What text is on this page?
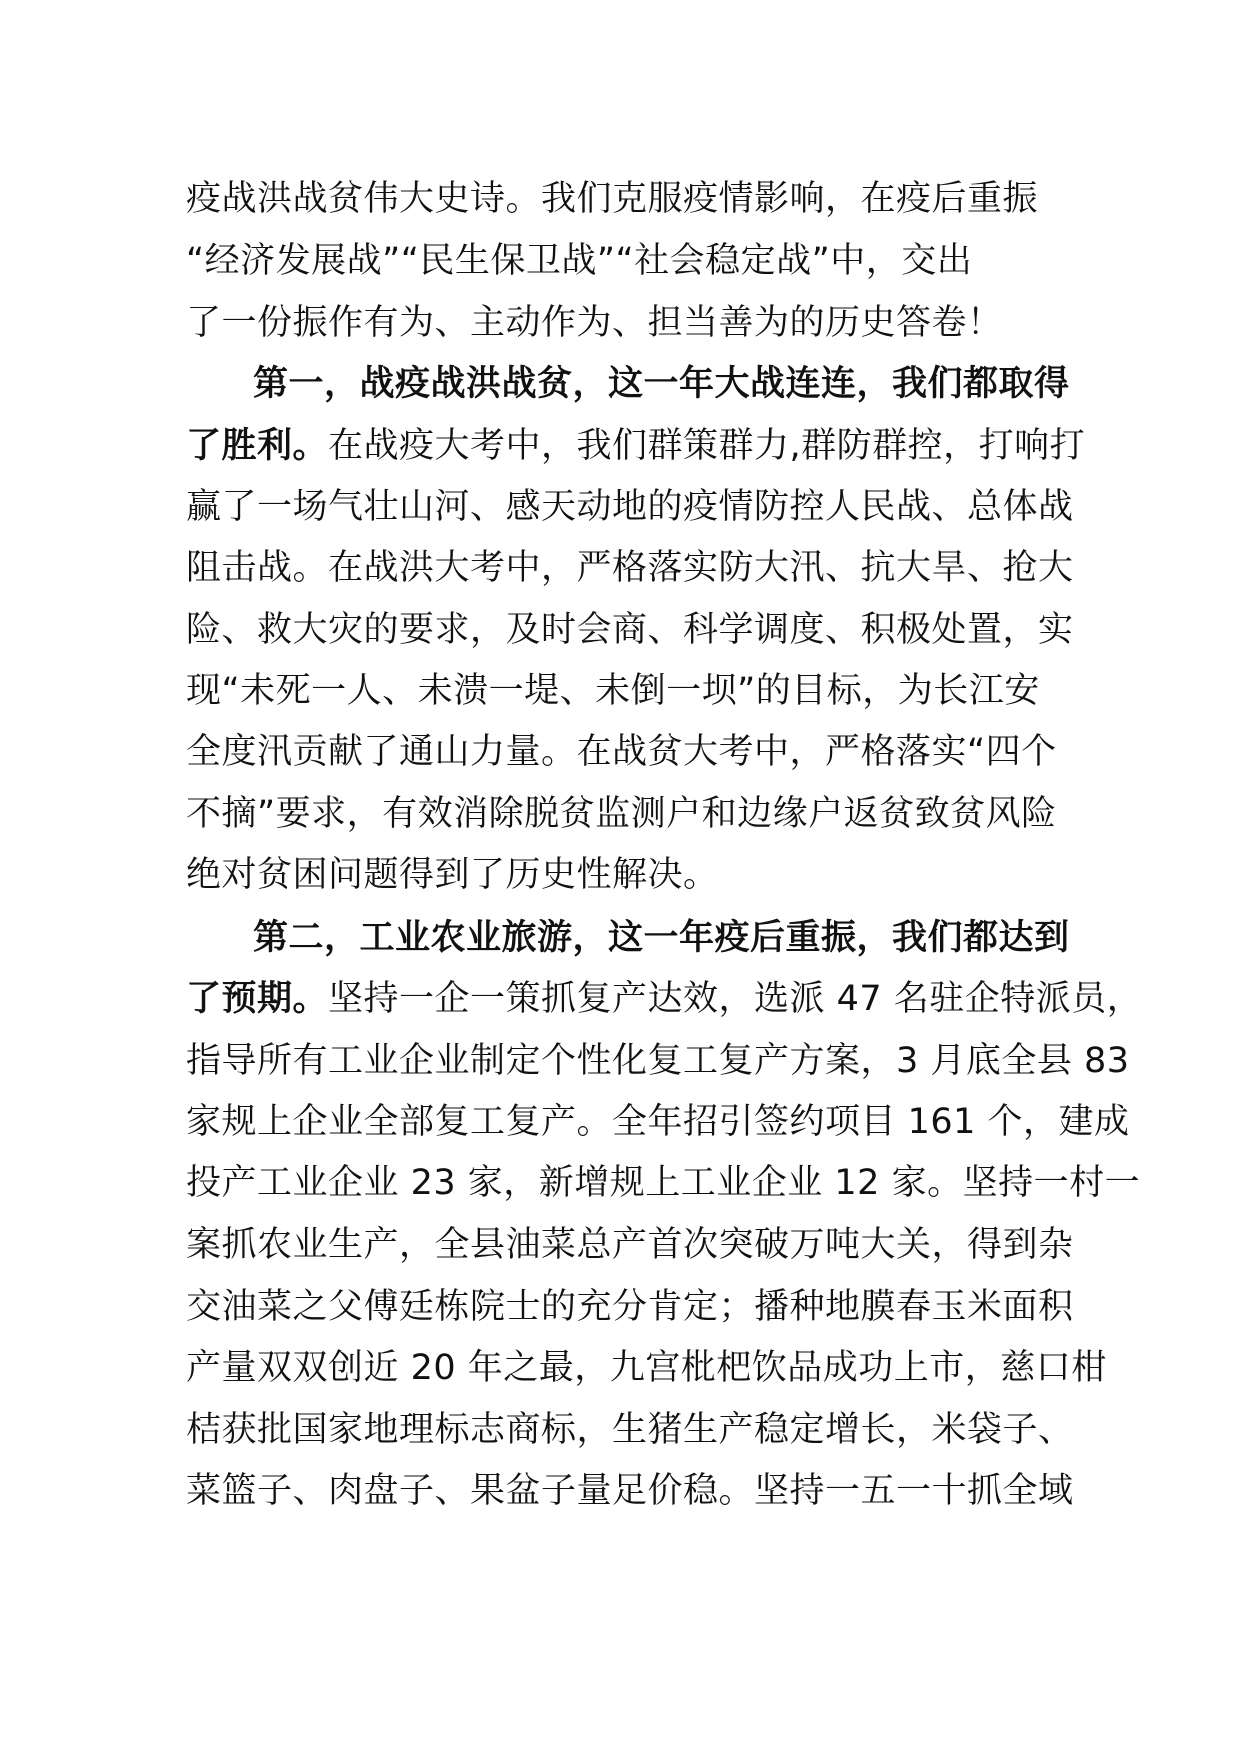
疫战洪战贫伟大史诗。我们克服疫情影响，在疫后重振
“经济发展战”“民生保卫战”“社会稳定战”中，交出
了一份振作有为、主动作为、担当善为的历史答卷！
第一，战疫战洪战贫，这一年大战连连，我们都取得
了胜利。在战疫大考中，我们群策群力,群防群控，打响打
赢了一场气壮山河、感天动地的疫情防控人民战、总体战
阻击战。在战洪大考中，严格落实防大汛、抗大旱、抢大
险、救大灾的要求，及时会商、科学调度、积极处置，实
现“未死一人、未溃一堤、未倒一坝”的目标，为长江安
全度汛贡献了通山力量。在战贫大考中，严格落实“四个
不摘”要求，有效消除脱贫监测户和边缘户返贫致贫风险
绝对贫困问题得到了历史性解决。
第二，工业农业旅游，这一年疫后重振，我们都达到
了预期。坚持一企一策抓复产达效，选派 47 名驻企特派员，
指导所有工业企业制定个性化复工复产方案，3 月底全县 83
家规上企业全部复工复产。全年招引签约项目 161 个，建成
投产工业企业 23 家，新增规上工业企业 12 家。坚持一村一
案抓农业生产，全县油菜总产首次突破万吨大关，得到杂
交油菜之父傅廷栋院士的充分肯定；播种地膜春玉米面积
产量双双创近 20 年之最，九宫枇杷饮品成功上市，慈口柑
桔获批国家地理标志商标，生猪生产稳定增长，米袋子、
菜篮子、肉盘子、果盆子量足价稳。坚持一五一十抓全域
